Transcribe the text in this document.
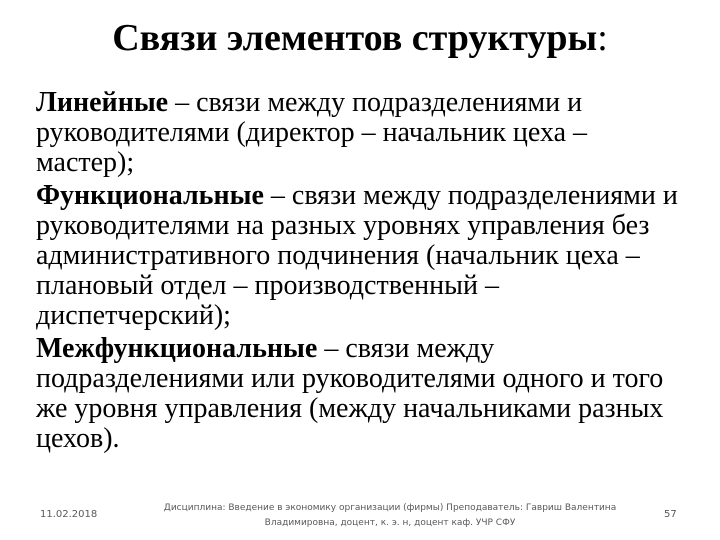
Связи элементов структуры:

Линейные – связи между подразделениями и руководителями (директор – начальник цеха – мастер);

Функциональные – связи между подразделениями и руководителями на разных уровнях управления без административного подчинения (начальник цеха – плановый отдел – производственный – диспетчерский);

Межфункциональные – связи между подразделениями или руководителями одного и того же уровня управления (между начальниками разных цехов).

11.02.2018
Дисциплина: Введение в экономику организации (фирмы) Преподаватель: Гавриш Валентина
Владимировна, доцент, к. э. н, доцент каф. УЧР СФУ
57
